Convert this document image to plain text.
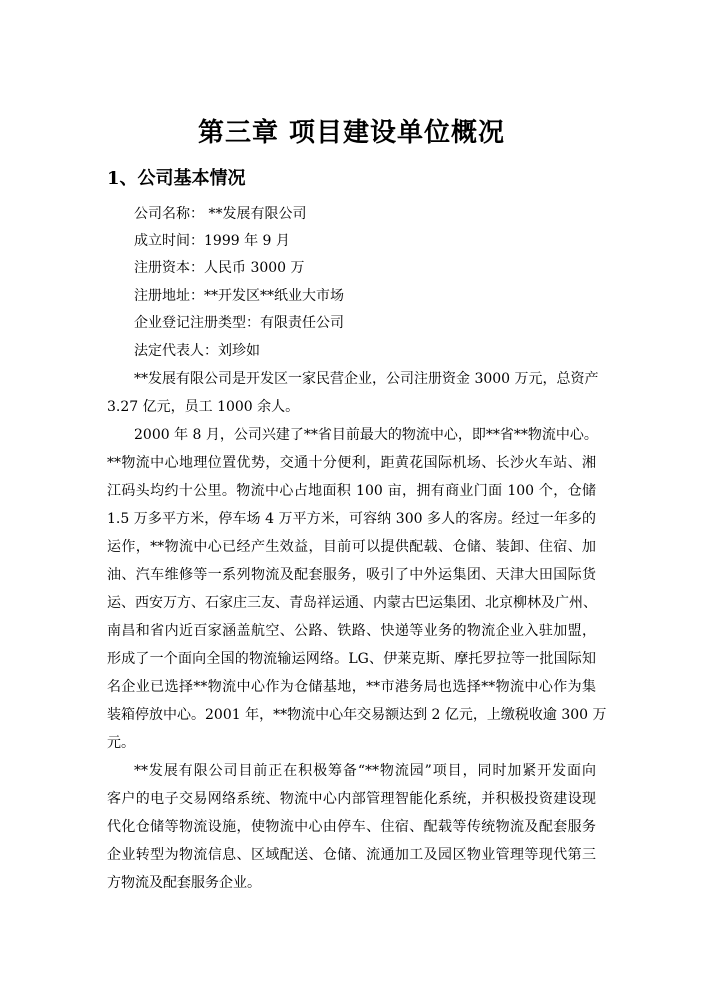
第三章 项目建设单位概况
1、公司基本情况
公司名称： **发展有限公司
成立时间：1999 年 9 月
注册资本：人民币 3000 万
注册地址：**开发区**纸业大市场
企业登记注册类型：有限责任公司
法定代表人：刘珍如
**发展有限公司是开发区一家民营企业，公司注册资金 3000 万元，总资产
3.27 亿元，员工 1000 余人。
2000 年 8 月，公司兴建了**省目前最大的物流中心，即**省**物流中心。
**物流中心地理位置优势，交通十分便利，距黄花国际机场、长沙火车站、湘
江码头均约十公里。物流中心占地面积 100 亩，拥有商业门面 100 个，仓储
1.5 万多平方米，停车场 4 万平方米，可容纳 300 多人的客房。经过一年多的
运作，**物流中心已经产生效益，目前可以提供配载、仓储、装卸、住宿、加
油、汽车维修等一系列物流及配套服务，吸引了中外运集团、天津大田国际货
运、西安万方、石家庄三友、青岛祥运通、内蒙古巴运集团、北京柳林及广州、
南昌和省内近百家涵盖航空、公路、铁路、快递等业务的物流企业入驻加盟，
形成了一个面向全国的物流输运网络。LG、伊莱克斯、摩托罗拉等一批国际知
名企业已选择**物流中心作为仓储基地，**市港务局也选择**物流中心作为集
装箱停放中心。2001 年，**物流中心年交易额达到 2 亿元，上缴税收逾 300 万
元。
**发展有限公司目前正在积极筹备“**物流园”项目，同时加紧开发面向
客户的电子交易网络系统、物流中心内部管理智能化系统，并积极投资建设现
代化仓储等物流设施，使物流中心由停车、住宿、配载等传统物流及配套服务
企业转型为物流信息、区域配送、仓储、流通加工及园区物业管理等现代第三
方物流及配套服务企业。
